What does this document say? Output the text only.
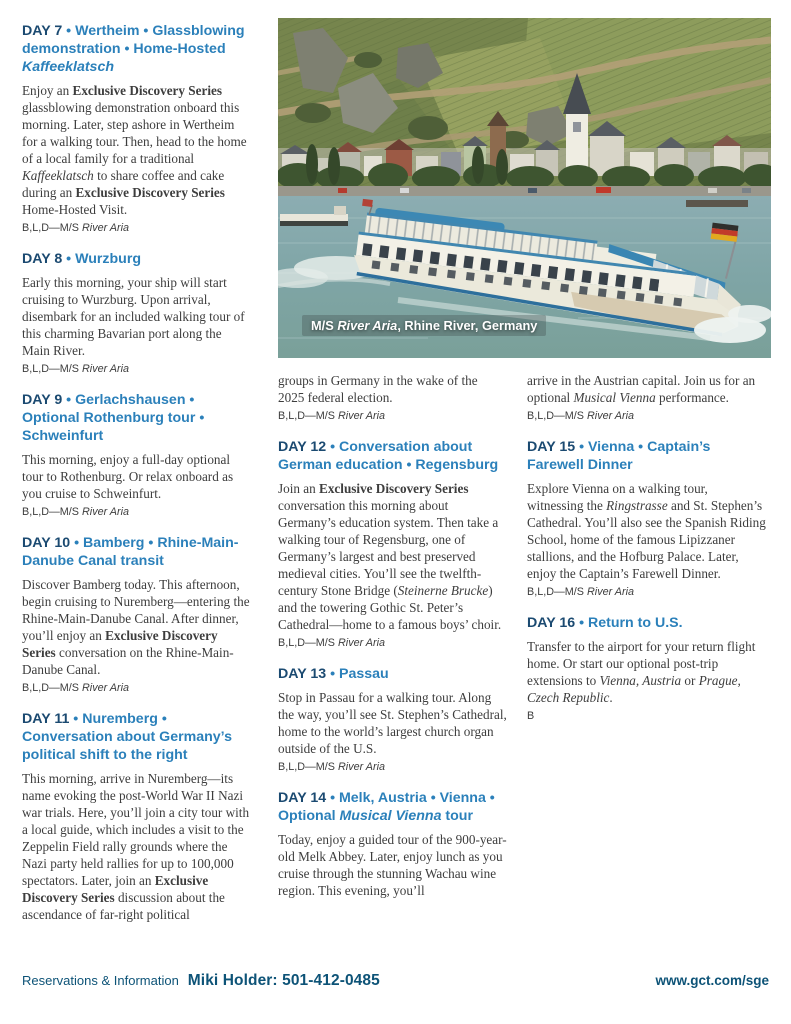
DAY 7 • Wertheim • Glassblowing demonstration • Home-Hosted Kaffeeklatsch

Enjoy an Exclusive Discovery Series glassblowing demonstration onboard this morning. Later, step ashore in Wertheim for a walking tour. Then, head to the home of a local family for a traditional Kaffeeklatsch to share coffee and cake during an Exclusive Discovery Series Home-Hosted Visit.

B,L,D—M/S River Aria

DAY 8 • Wurzburg

Early this morning, your ship will start cruising to Wurzburg. Upon arrival, disembark for an included walking tour of this charming Bavarian port along the Main River.

B,L,D—M/S River Aria

DAY 9 • Gerlachshausen • Optional Rothenburg tour • Schweinfurt

This morning, enjoy a full-day optional tour to Rothenburg. Or relax onboard as you cruise to Schweinfurt.

B,L,D—M/S River Aria

DAY 10 • Bamberg • Rhine-Main-Danube Canal transit

Discover Bamberg today. This afternoon, begin cruising to Nuremberg—entering the Rhine-Main-Danube Canal. After dinner, you’ll enjoy an Exclusive Discovery Series conversation on the Rhine-Main-Danube Canal.

B,L,D—M/S River Aria

DAY 11 • Nuremberg • Conversation about Germany’s political shift to the right

This morning, arrive in Nuremberg—its name evoking the post-World War II Nazi war trials. Here, you’ll join a city tour with a local guide, which includes a visit to the Zeppelin Field rally grounds where the Nazi party held rallies for up to 100,000 spectators. Later, join an Exclusive Discovery Series discussion about the ascendance of far-right political

M/S River Aria, Rhine River, Germany

groups in Germany in the wake of the 2025 federal election.

B,L,D—M/S River Aria

DAY 12 • Conversation about German education • Regensburg

Join an Exclusive Discovery Series conversation this morning about Germany’s education system. Then take a walking tour of Regensburg, one of Germany’s largest and best preserved medieval cities. You’ll see the twelfth-century Stone Bridge (Steinerne Brucke) and the towering Gothic St. Peter’s Cathedral—home to a famous boys’ choir.

B,L,D—M/S River Aria

DAY 13 • Passau

Stop in Passau for a walking tour. Along the way, you’ll see St. Stephen’s Cathedral, home to the world’s largest church organ outside of the U.S.

B,L,D—M/S River Aria

DAY 14 • Melk, Austria • Vienna • Optional Musical Vienna tour

Today, enjoy a guided tour of the 900-year-old Melk Abbey. Later, enjoy lunch as you cruise through the stunning Wachau wine region. This evening, you’ll

arrive in the Austrian capital. Join us for an optional Musical Vienna performance.

B,L,D—M/S River Aria

DAY 15 • Vienna • Captain’s Farewell Dinner

Explore Vienna on a walking tour, witnessing the Ringstrasse and St. Stephen’s Cathedral. You’ll also see the Spanish Riding School, home of the famous Lipizzaner stallions, and the Hofburg Palace. Later, enjoy the Captain’s Farewell Dinner.

B,L,D—M/S River Aria

DAY 16 • Return to U.S.

Transfer to the airport for your return flight home. Or start our optional post-trip extensions to Vienna, Austria or Prague, Czech Republic.

B

Reservations & Information Miki Holder: 501-412-0485	www.gct.com/sge
